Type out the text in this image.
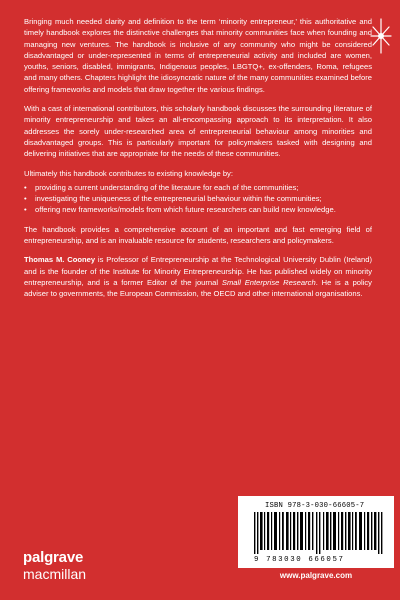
Bringing much needed clarity and definition to the term ‘minority entrepreneur,’ this authoritative and timely handbook explores the distinctive challenges that minority communities face when founding and managing new ventures. The handbook is inclusive of any community who might be considered disadvantaged or under-represented in terms of entrepreneurial activity and included are women, youths, seniors, disabled, immigrants, Indigenous peoples, LBGTQ+, ex-offenders, Roma, refugees and many others. Chapters highlight the idiosyncratic nature of the many communities examined before offering frameworks and models that draw together the various findings.

With a cast of international contributors, this scholarly handbook discusses the surrounding literature of minority entrepreneurship and takes an all-encompassing approach to its interpretation. It also addresses the sorely under-researched area of entrepreneurial behaviour among minorities and disadvantaged groups. This is particularly important for policymakers tasked with designing and delivering initiatives that are appropriate for the needs of these communities.

Ultimately this handbook contributes to existing knowledge by:

• providing a current understanding of the literature for each of the communities;
• investigating the uniqueness of the entrepreneurial behaviour within the communities;
• offering new frameworks/models from which future researchers can build new knowledge.

The handbook provides a comprehensive account of an important and fast emerging field of entrepreneurship, and is an invaluable resource for students, researchers and policymakers.

Thomas M. Cooney is Professor of Entrepreneurship at the Technological University Dublin (Ireland) and is the founder of the Institute for Minority Entrepreneurship. He has published widely on minority entrepreneurship, and is a former Editor of the journal Small Enterprise Research. He is a policy adviser to governments, the European Commission, the OECD and other international organisations.

ISBN 978-3-030-66605-7
9 783030 666057
www.palgrave.com
palgrave
macmillan
